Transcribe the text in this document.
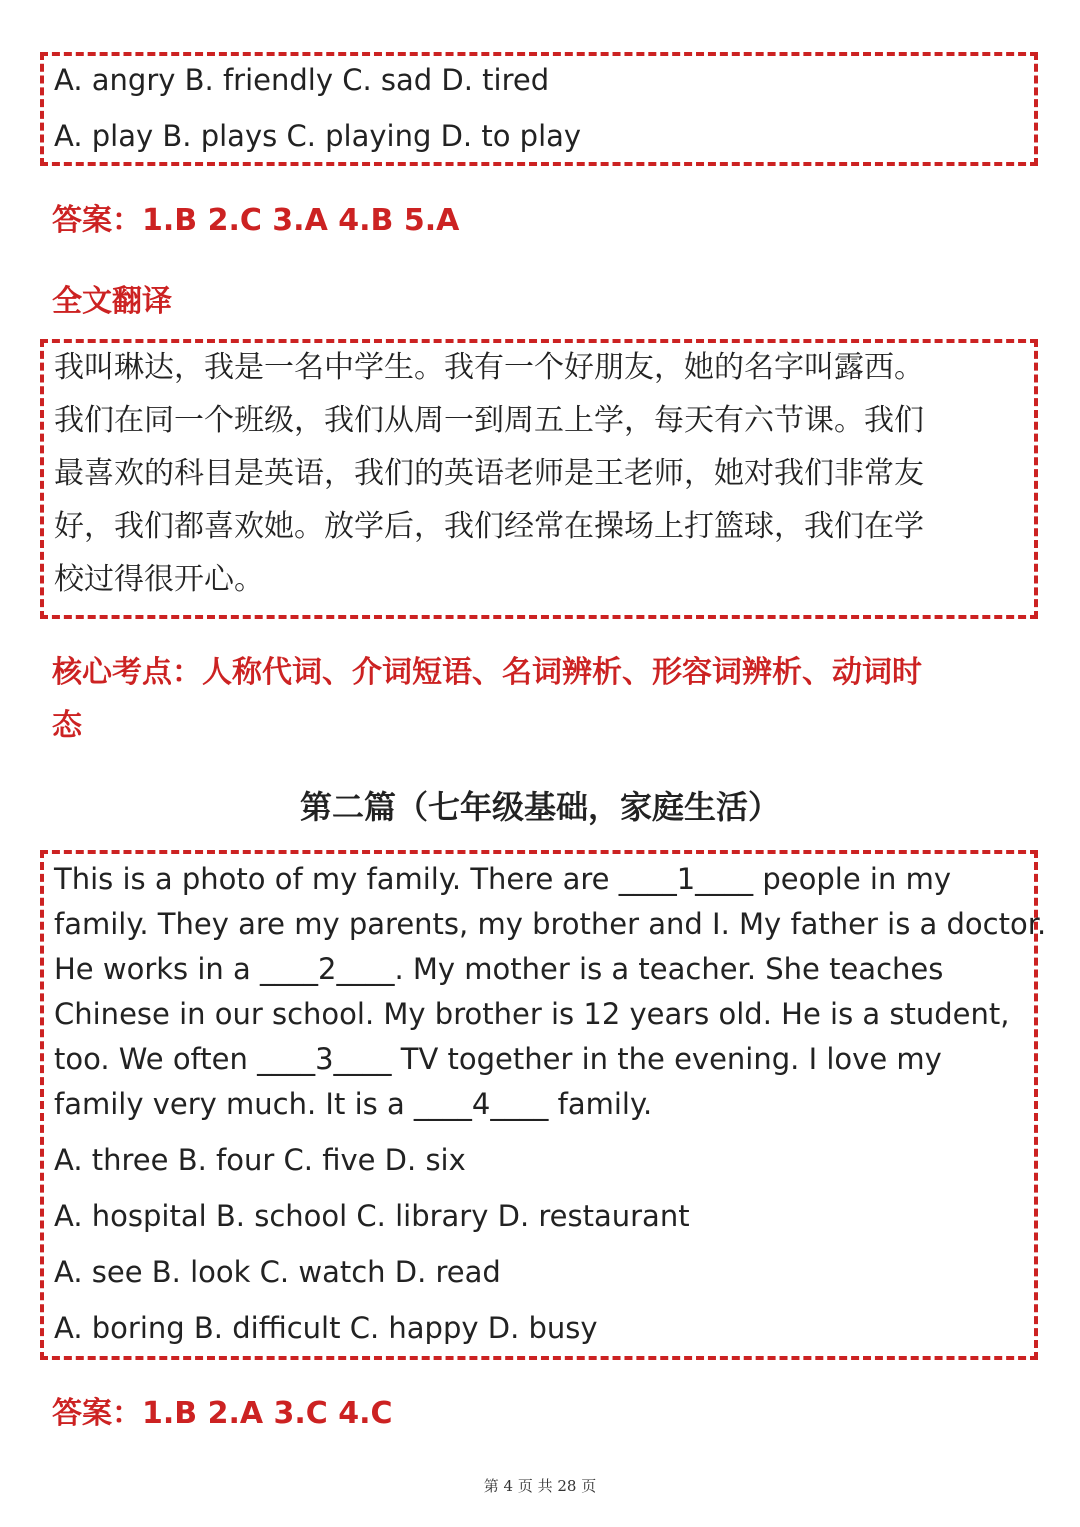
A. angry B. friendly C. sad D. tired
A. play B. plays C. playing D. to play
答案：1.B 2.C 3.A 4.B 5.A
全文翻译
我叫琳达，我是一名中学生。我有一个好朋友，她的名字叫露西。
我们在同一个班级，我们从周一到周五上学，每天有六节课。我们
最喜欢的科目是英语，我们的英语老师是王老师，她对我们非常友
好，我们都喜欢她。放学后，我们经常在操场上打篮球，我们在学
校过得很开心。
核心考点：人称代词、介词短语、名词辨析、形容词辨析、动词时
态
第二篇（七年级基础，家庭生活）
This is a photo of my family. There are ____1____ people in my
family. They are my parents, my brother and I. My father is a doctor.
He works in a ____2____. My mother is a teacher. She teaches
Chinese in our school. My brother is 12 years old. He is a student,
too. We often ____3____ TV together in the evening. I love my
family very much. It is a ____4____ family.
A. three B. four C. five D. six
A. hospital B. school C. library D. restaurant
A. see B. look C. watch D. read
A. boring B. difficult C. happy D. busy
答案：1.B 2.A 3.C 4.C
第 4 页 共 28 页
